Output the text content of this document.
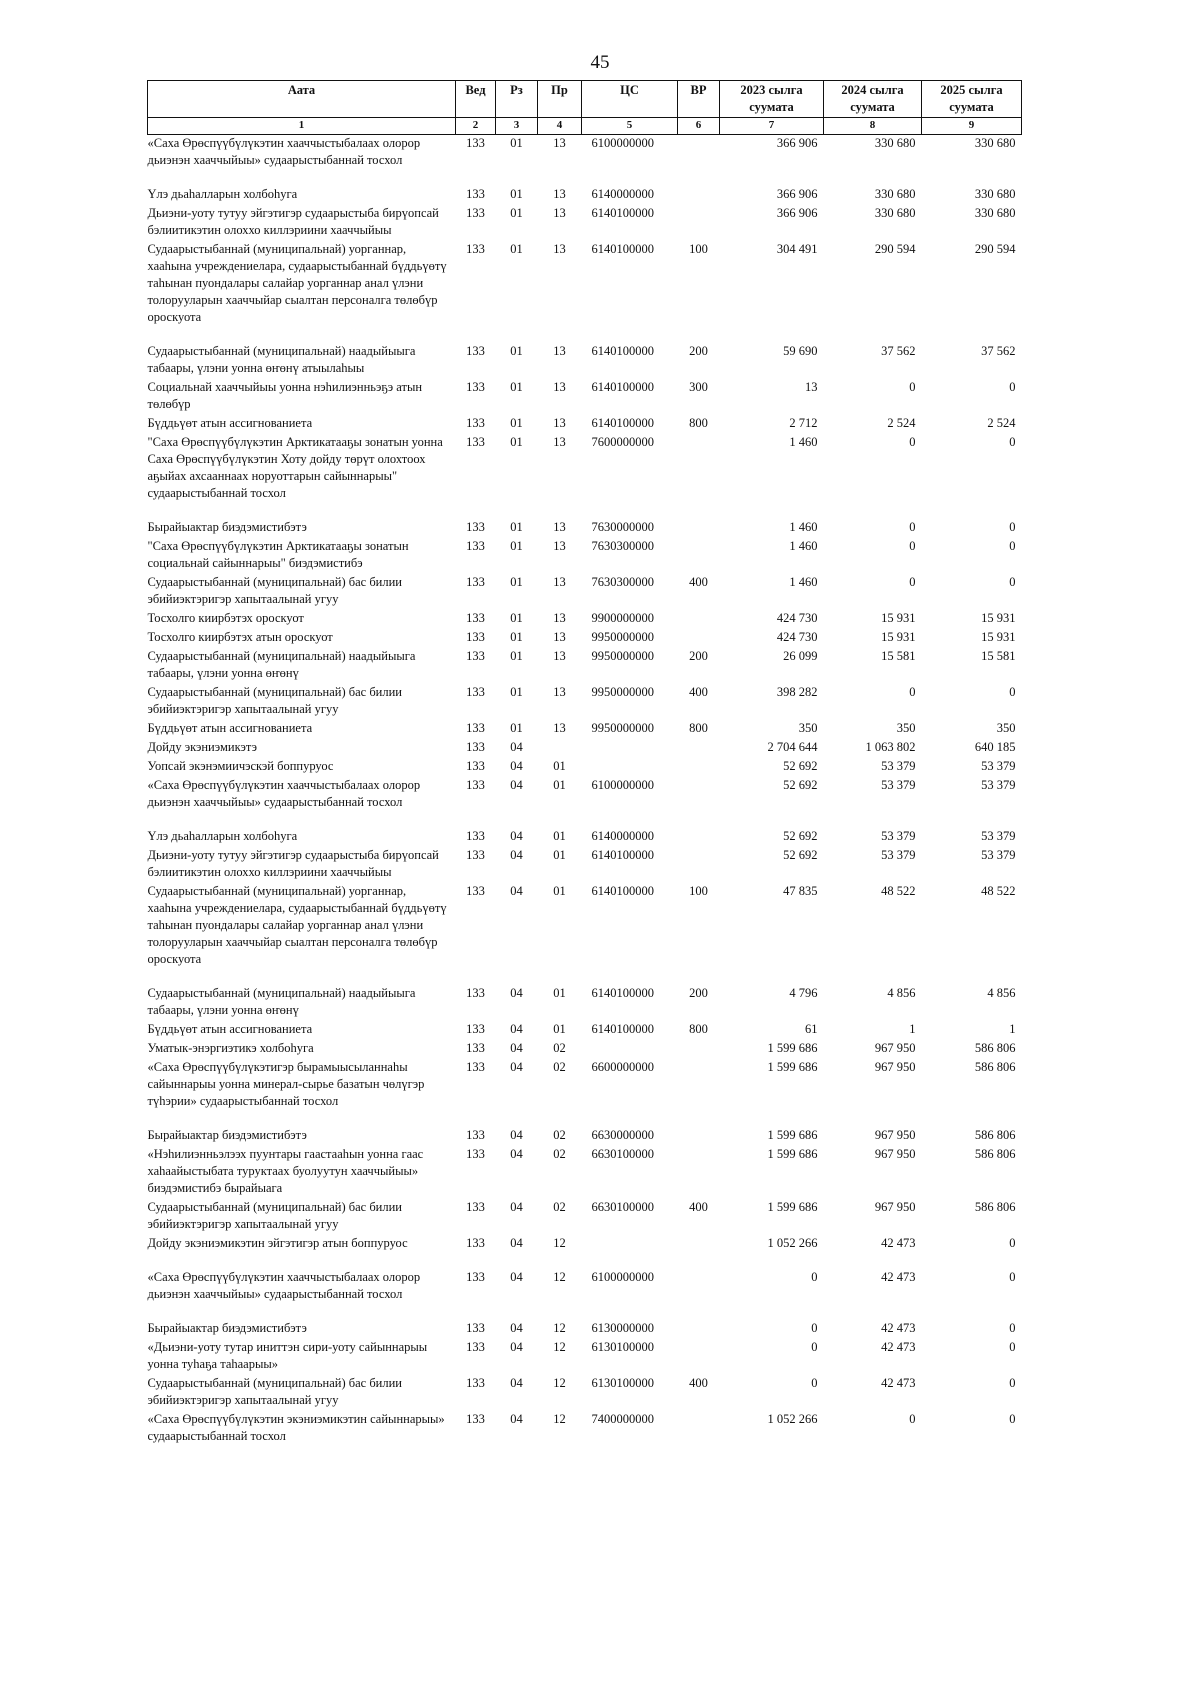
45
Аата	Вед	Рз	Пр	ЦС	ВР	2023 сылга суумата	2024 сылга суумата	2025 сылга суумата
1	2	3	4	5	6	7	8	9
«Саха Өрөспүүбүлүкэтин хааччыстыбалаах олорор дьиэнэн хааччыйыы» судаарыстыбаннай тосхол	133	01	13	6100000000		366 906	330 680	330 680
Үлэ дьаһалларын холбоһуга	133	01	13	6140000000		366 906	330 680	330 680
Дьиэни-уоту тутуу эйгэтигэр судаарыстыба бирүопсай бэлиитикэтин олоххо киллэриини хааччыйыы	133	01	13	6140100000		366 906	330 680	330 680
Судаарыстыбаннай (муниципальнай) уорганнар, хааһына учреждениелара, судаарыстыбаннай бүддьүөтү таһынан пуондалары салайар уорганнар анал үлэни толорууларын хааччыйар сыалтан персоналга төлөбүр ороскуота	133	01	13	6140100000	100	304 491	290 594	290 594
Судаарыстыбаннай (муниципальнай) наадыйыыга табаары, үлэни уонна өҥөнү атыылаһыы	133	01	13	6140100000	200	59 690	37 562	37 562
Социальнай хааччыйыы уонна нэһилиэнньэҕэ атын төлөбүр	133	01	13	6140100000	300	13	0	0
Бүддьүөт атын ассигнованиета	133	01	13	6140100000	800	2 712	2 524	2 524
"Саха Өрөспүүбүлүкэтин Арктикатааҕы зонатын уонна Саха Өрөспүүбүлүкэтин Хоту дойду төрүт олохтоох аҕыйах ахсааннаах норуоттарын сайыннарыы" судаарыстыбаннай тосхол	133	01	13	7600000000		1 460	0	0
Бырайыактар биэдэмистибэтэ	133	01	13	7630000000		1 460	0	0
"Саха Өрөспүүбүлүкэтин Арктикатааҕы зонатын социальнай сайыннарыы" биэдэмистибэ	133	01	13	7630300000		1 460	0	0
Судаарыстыбаннай (муниципальнай) бас билии эбийиэктэригэр хапытаалынай угуу	133	01	13	7630300000	400	1 460	0	0
Тосхолго киирбэтэх ороскуот	133	01	13	9900000000		424 730	15 931	15 931
Тосхолго киирбэтэх атын ороскуот	133	01	13	9950000000		424 730	15 931	15 931
Судаарыстыбаннай (муниципальнай) наадыйыыга табаары, үлэни уонна өҥөнү	133	01	13	9950000000	200	26 099	15 581	15 581
Судаарыстыбаннай (муниципальнай) бас билии эбийиэктэригэр хапытаалынай угуу	133	01	13	9950000000	400	398 282	0	0
Бүддьүөт атын ассигнованиета	133	01	13	9950000000	800	350	350	350
Дойду экэниэмикэтэ	133	04				2 704 644	1 063 802	640 185
Уопсай экэнэмиичэскэй боппуруос	133	04	01			52 692	53 379	53 379
«Саха Өрөспүүбүлүкэтин хааччыстыбалаах олорор дьиэнэн хааччыйыы» судаарыстыбаннай тосхол	133	04	01	6100000000		52 692	53 379	53 379
Үлэ дьаһалларын холбоһуга	133	04	01	6140000000		52 692	53 379	53 379
Дьиэни-уоту тутуу эйгэтигэр судаарыстыба бирүопсай бэлиитикэтин олоххо киллэриини хааччыйыы	133	04	01	6140100000		52 692	53 379	53 379
Судаарыстыбаннай (муниципальнай) уорганнар, хааһына учреждениелара, судаарыстыбаннай бүддьүөтү таһынан пуондалары салайар уорганнар анал үлэни толорууларын хааччыйар сыалтан персоналга төлөбүр ороскуота	133	04	01	6140100000	100	47 835	48 522	48 522
Судаарыстыбаннай (муниципальнай) наадыйыыга табаары, үлэни уонна өҥөнү	133	04	01	6140100000	200	4 796	4 856	4 856
Бүддьүөт атын ассигнованиета	133	04	01	6140100000	800	61	1	1
Уматык-энэргиэтикэ холбоһуга	133	04	02			1 599 686	967 950	586 806
«Саха Өрөспүүбүлүкэтигэр бырамыысыланнаһы сайыннарыы уонна минерал-сырье базатын чөлүгэр түһэрии» судаарыстыбаннай тосхол	133	04	02	6600000000		1 599 686	967 950	586 806
Бырайыактар биэдэмистибэтэ	133	04	02	6630000000		1 599 686	967 950	586 806
«Нэһилиэнньэлээх пуунтары гаастааһын уонна гаас хаһаайыстыбата туруктаах буолуутун хааччыйыы» биэдэмистибэ бырайыага	133	04	02	6630100000		1 599 686	967 950	586 806
Судаарыстыбаннай (муниципальнай) бас билии эбийиэктэригэр хапытаалынай угуу	133	04	02	6630100000	400	1 599 686	967 950	586 806
Дойду экэниэмикэтин эйгэтигэр атын боппуруос	133	04	12			1 052 266	42 473	0
«Саха Өрөспүүбүлүкэтин хааччыстыбалаах олорор дьиэнэн хааччыйыы» судаарыстыбаннай тосхол	133	04	12	6100000000		0	42 473	0
Бырайыактар биэдэмистибэтэ	133	04	12	6130000000		0	42 473	0
«Дьиэни-уоту тутар иниттэн сири-уоту сайыннарыы уонна туһаҕа таһаарыы»	133	04	12	6130100000		0	42 473	0
Судаарыстыбаннай (муниципальнай) бас билии эбийиэктэригэр хапытаалынай угуу	133	04	12	6130100000	400	0	42 473	0
«Саха Өрөспүүбүлүкэтин экэниэмикэтин сайыннарыы» судаарыстыбаннай тосхол	133	04	12	7400000000		1 052 266	0	0
